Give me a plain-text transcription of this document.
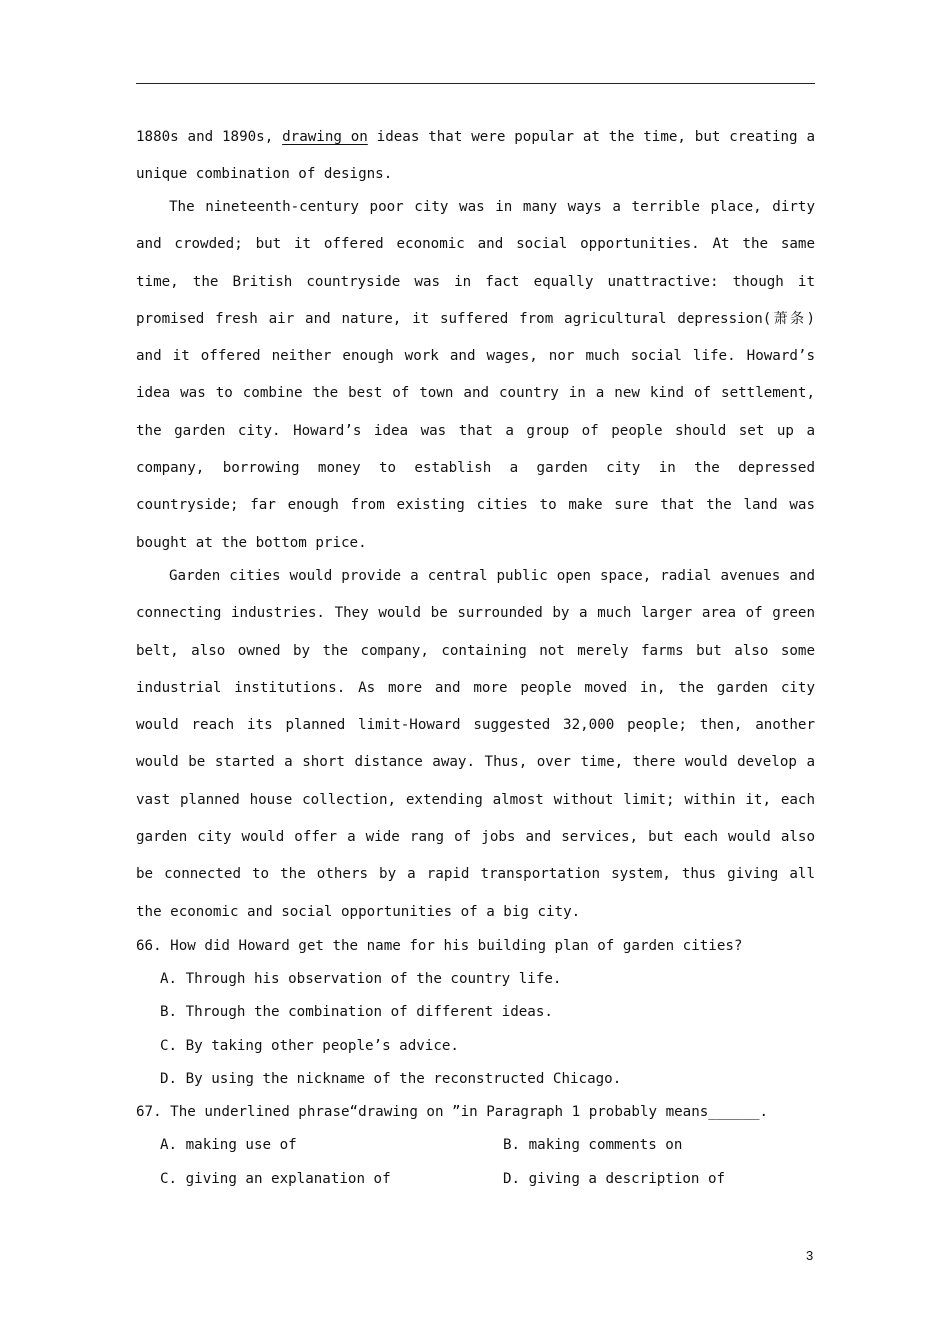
1880s and 1890s, drawing on ideas that were popular at the time, but creating a unique combination of designs.

The nineteenth-century poor city was in many ways a terrible place, dirty and crowded; but it offered economic and social opportunities. At the same time, the British countryside was in fact equally unattractive: though it promised fresh air and nature, it suffered from agricultural depression(萧条) and it offered neither enough work and wages, nor much social life. Howard’s idea was to combine the best of town and country in a new kind of settlement, the garden city. Howard’s idea was that a group of people should set up a company, borrowing money to establish a garden city in the depressed countryside; far enough from existing cities to make sure that the land was bought at the bottom price.

Garden cities would provide a central public open space, radial avenues and connecting industries. They would be surrounded by a much larger area of green belt, also owned by the company, containing not merely farms but also some industrial institutions. As more and more people moved in, the garden city would reach its planned limit-Howard suggested 32,000 people; then, another would be started a short distance away. Thus, over time, there would develop a vast planned house collection, extending almost without limit; within it, each garden city would offer a wide rang of jobs and services, but each would also be connected to the others by a rapid transportation system, thus giving all the economic and social opportunities of a big city.

66. How did Howard get the name for his building plan of garden cities?
A. Through his observation of the country life.
B. Through the combination of different ideas.
C. By taking other people’s advice.
D. By using the nickname of the reconstructed Chicago.
67. The underlined phrase“drawing on ”in Paragraph 1 probably means______.
A. making use of	B. making comments on
C. giving an explanation of	D. giving a description of
3
